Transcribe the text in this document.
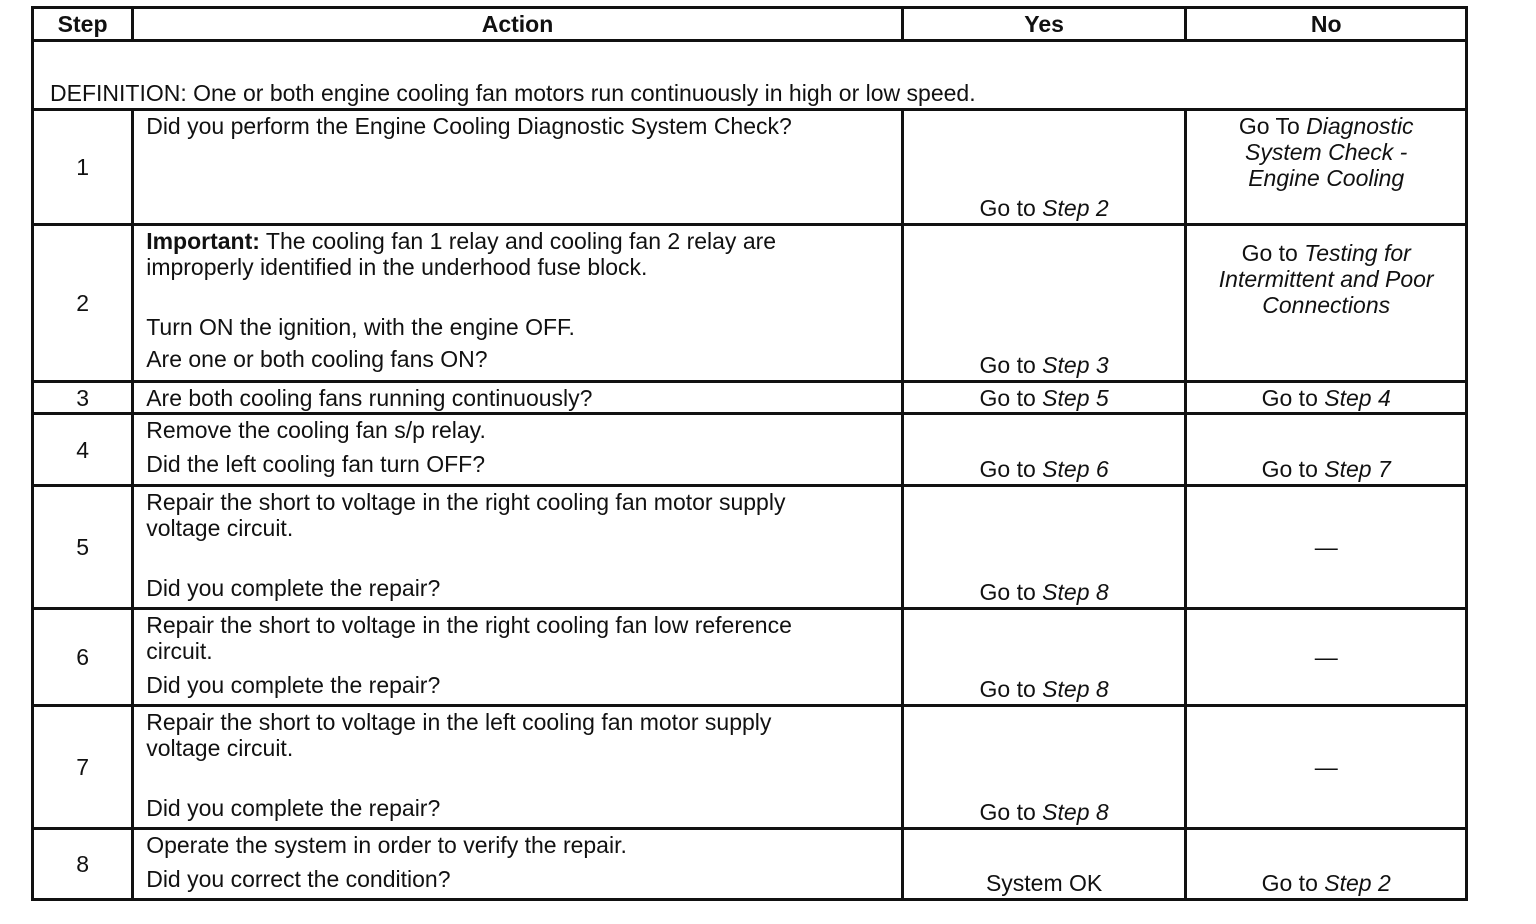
Step	Action	Yes	No
DEFINITION: One or both engine cooling fan motors run continuously in high or low speed.			
1	Did you perform the Engine Cooling Diagnostic System Check?	Go to Step 2	Go To Diagnostic System Check - Engine Cooling

2	Important: The cooling fan 1 relay and cooling fan 2 relay are improperly identified in the underhood fuse block.
Turn ON the ignition, with the engine OFF.
Are one or both cooling fans ON?	Go to Step 3	Go to Testing for Intermittent and Poor Connections

3	Are both cooling fans running continuously?	Go to Step 5	Go to Step 4

4	Remove the cooling fan s/p relay.
Did the left cooling fan turn OFF?	Go to Step 6	Go to Step 7

5	Repair the short to voltage in the right cooling fan motor supply voltage circuit.
Did you complete the repair?	Go to Step 8	—

6	Repair the short to voltage in the right cooling fan low reference circuit.
Did you complete the repair?	Go to Step 8	—

7	Repair the short to voltage in the left cooling fan motor supply voltage circuit.
Did you complete the repair?	Go to Step 8	—

8	Operate the system in order to verify the repair.
Did you correct the condition?	System OK	Go to Step 2
